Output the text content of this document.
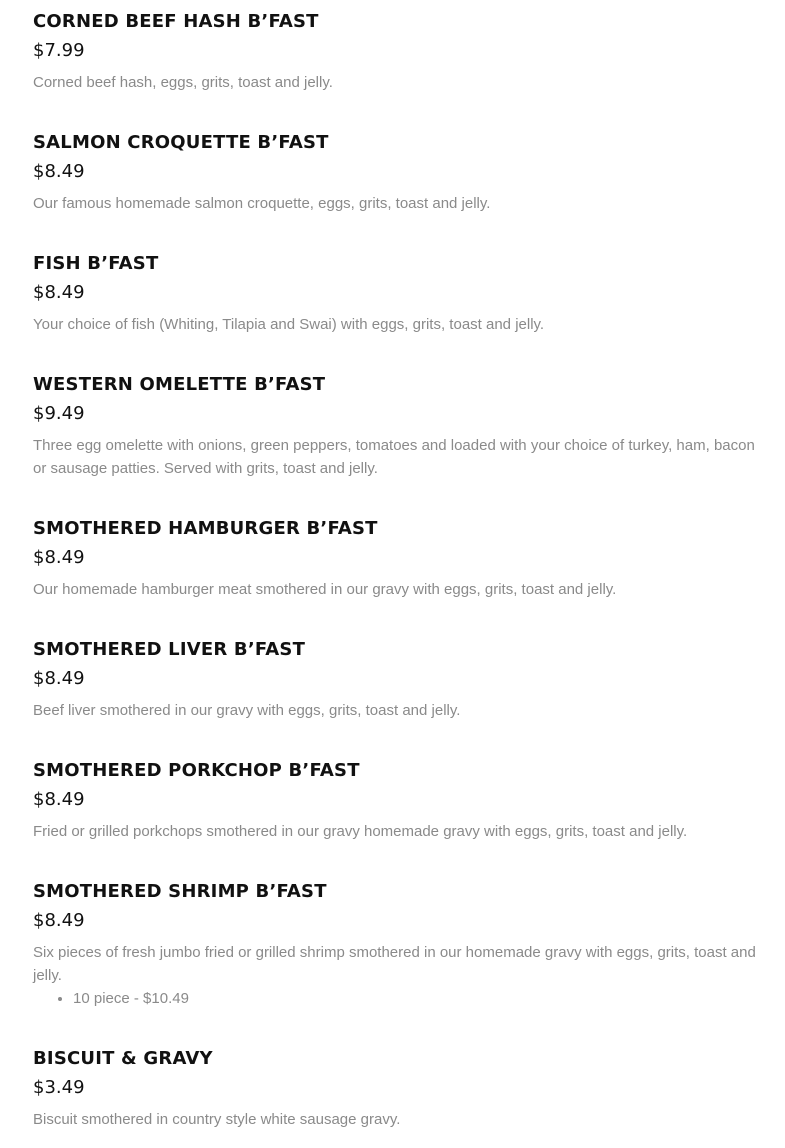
CORNED BEEF HASH B’FAST
$7.99
Corned beef hash, eggs, grits, toast and jelly.
SALMON CROQUETTE B’FAST
$8.49
Our famous homemade salmon croquette, eggs, grits, toast and jelly.
FISH B’FAST
$8.49
Your choice of fish (Whiting, Tilapia and Swai) with eggs, grits, toast and jelly.
WESTERN OMELETTE B’FAST
$9.49
Three egg omelette with onions, green peppers, tomatoes and loaded with your choice of turkey, ham, bacon or sausage patties. Served with grits, toast and jelly.
SMOTHERED HAMBURGER B’FAST
$8.49
Our homemade hamburger meat smothered in our gravy with eggs, grits, toast and jelly.
SMOTHERED LIVER B’FAST
$8.49
Beef liver smothered in our gravy with eggs, grits, toast and jelly.
SMOTHERED PORKCHOP B’FAST
$8.49
Fried or grilled porkchops smothered in our gravy homemade gravy with eggs, grits, toast and jelly.
SMOTHERED SHRIMP B’FAST
$8.49
Six pieces of fresh jumbo fried or grilled shrimp smothered in our homemade gravy with eggs, grits, toast and jelly.
• 10 piece - $10.49
BISCUIT & GRAVY
$3.49
Biscuit smothered in country style white sausage gravy.
